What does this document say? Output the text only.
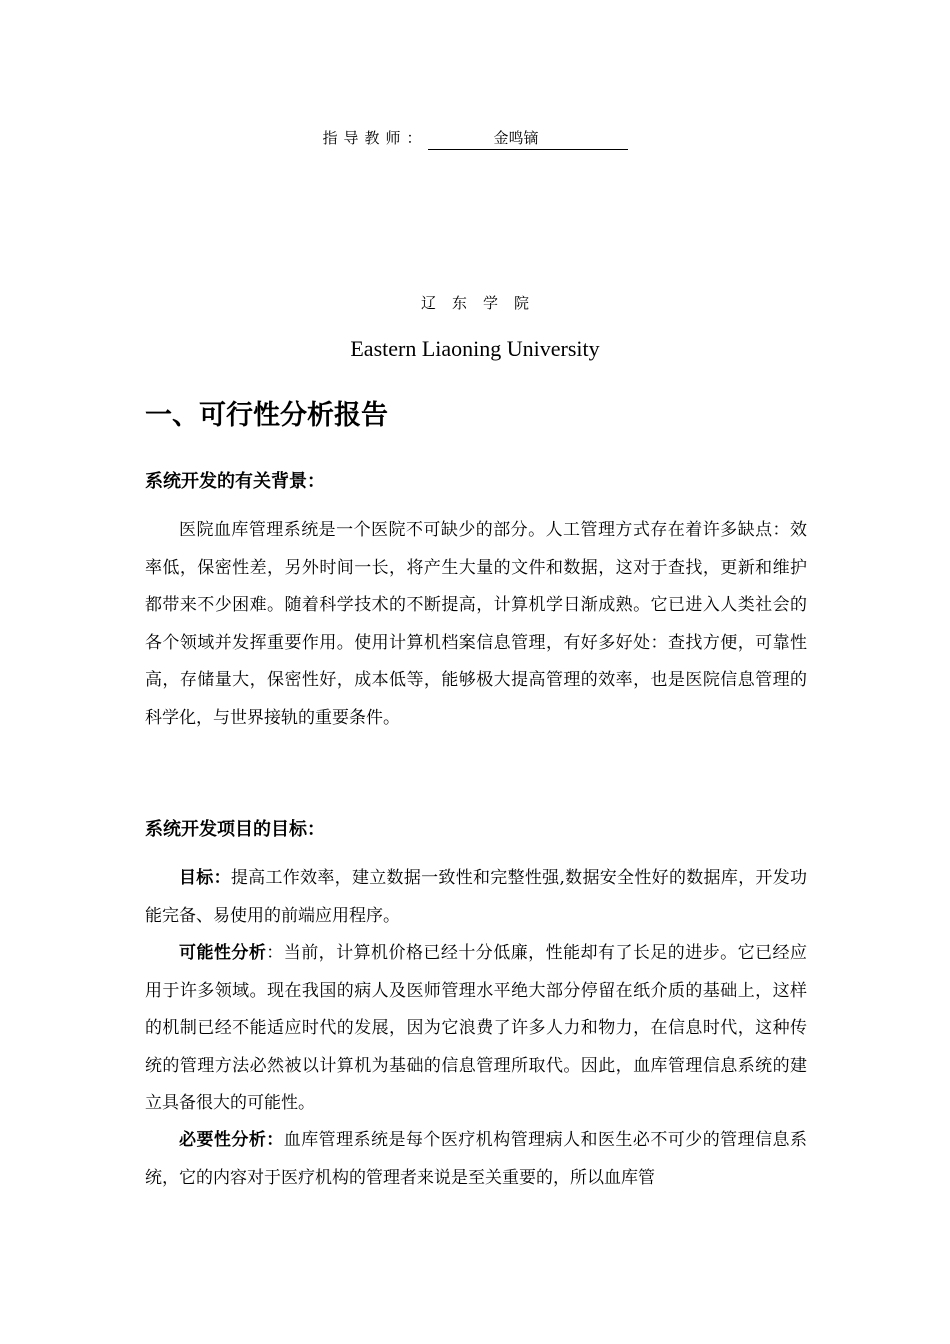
指导教师：	金鸣镝
辽东学院
Eastern Liaoning University
一、可行性分析报告
系统开发的有关背景：
医院血库管理系统是一个医院不可缺少的部分。人工管理方式存在着许多缺点：效率低，保密性差，另外时间一长，将产生大量的文件和数据，这对于查找，更新和维护都带来不少困难。随着科学技术的不断提高，计算机学日渐成熟。它已进入人类社会的各个领域并发挥重要作用。使用计算机档案信息管理，有好多好处：查找方便，可靠性高，存储量大，保密性好，成本低等，能够极大提高管理的效率，也是医院信息管理的科学化，与世界接轨的重要条件。
系统开发项目的目标：
目标：提高工作效率，建立数据一致性和完整性强,数据安全性好的数据库，开发功能完备、易使用的前端应用程序。
可能性分析：当前，计算机价格已经十分低廉，性能却有了长足的进步。它已经应用于许多领域。现在我国的病人及医师管理水平绝大部分停留在纸介质的基础上，这样的机制已经不能适应时代的发展，因为它浪费了许多人力和物力，在信息时代，这种传统的管理方法必然被以计算机为基础的信息管理所取代。因此，血库管理信息系统的建立具备很大的可能性。
必要性分析：血库管理系统是每个医疗机构管理病人和医生必不可少的管理信息系统，它的内容对于医疗机构的管理者来说是至关重要的，所以血库管
